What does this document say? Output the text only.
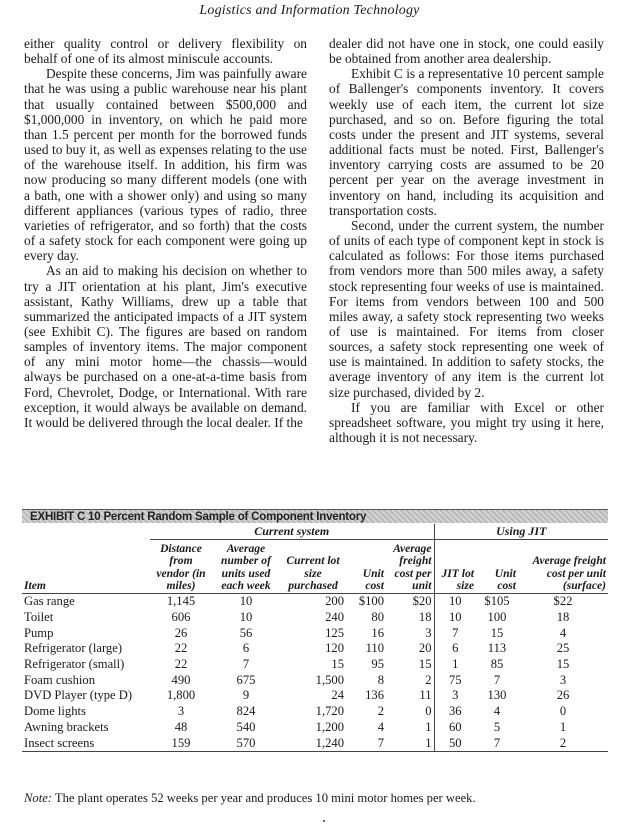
Logistics and Information Technology

either quality control or delivery flexibility on behalf of one of its almost miniscule accounts.

Despite these concerns, Jim was painfully aware that he was using a public warehouse near his plant that usually contained between $500,000 and $1,000,000 in inventory, on which he paid more than 1.5 percent per month for the borrowed funds used to buy it, as well as expenses relating to the use of the warehouse itself. In addition, his firm was now producing so many different models (one with a bath, one with a shower only) and using so many different appliances (various types of radio, three varieties of refrigerator, and so forth) that the costs of a safety stock for each component were going up every day.

As an aid to making his decision on whether to try a JIT orientation at his plant, Jim's executive assistant, Kathy Williams, drew up a table that summarized the anticipated impacts of a JIT system (see Exhibit C). The figures are based on random samples of inventory items. The major component of any mini motor home—the chassis—would always be purchased on a one-at-a-time basis from Ford, Chevrolet, Dodge, or International. With rare exception, it would always be available on demand. It would be delivered through the local dealer. If the

dealer did not have one in stock, one could easily be obtained from another area dealership.

Exhibit C is a representative 10 percent sample of Ballenger's components inventory. It covers weekly use of each item, the current lot size purchased, and so on. Before figuring the total costs under the present and JIT systems, several additional facts must be noted. First, Ballenger's inventory carrying costs are assumed to be 20 percent per year on the average investment in inventory on hand, including its acquisition and transportation costs.

Second, under the current system, the number of units of each type of component kept in stock is calculated as follows: For those items purchased from vendors more than 500 miles away, a safety stock representing four weeks of use is maintained. For items from vendors between 100 and 500 miles away, a safety stock representing two weeks of use is maintained. For items from closer sources, a safety stock representing one week of use is maintained. In addition to safety stocks, the average inventory of any item is the current lot size purchased, divided by 2.

If you are familiar with Excel or other spreadsheet software, you might try using it here, although it is not necessary.

EXHIBIT C 10 Percent Random Sample of Component Inventory
	Current system					Using JIT		
Item	Distance from vendor (in miles)	Average number of units used each week	Current lot size purchased	Unit cost	Average freight cost per unit	JIT lot size	Unit cost	Average freight cost per unit (surface)
Gas range	1,145	10	200	$100	$20	10	$105	$22
Toilet	606	10	240	80	18	10	100	18
Pump	26	56	125	16	3	7	15	4
Refrigerator (large)	22	6	120	110	20	6	113	25
Refrigerator (small)	22	7	15	95	15	1	85	15
Foam cushion	490	675	1,500	8	2	75	7	3
DVD Player (type D)	1,800	9	24	136	11	3	130	26
Dome lights	3	824	1,720	2	0	36	4	0
Awning brackets	48	540	1,200	4	1	60	5	1
Insect screens	159	570	1,240	7	1	50	7	2
Note: The plant operates 52 weeks per year and produces 10 mini motor homes per week.
